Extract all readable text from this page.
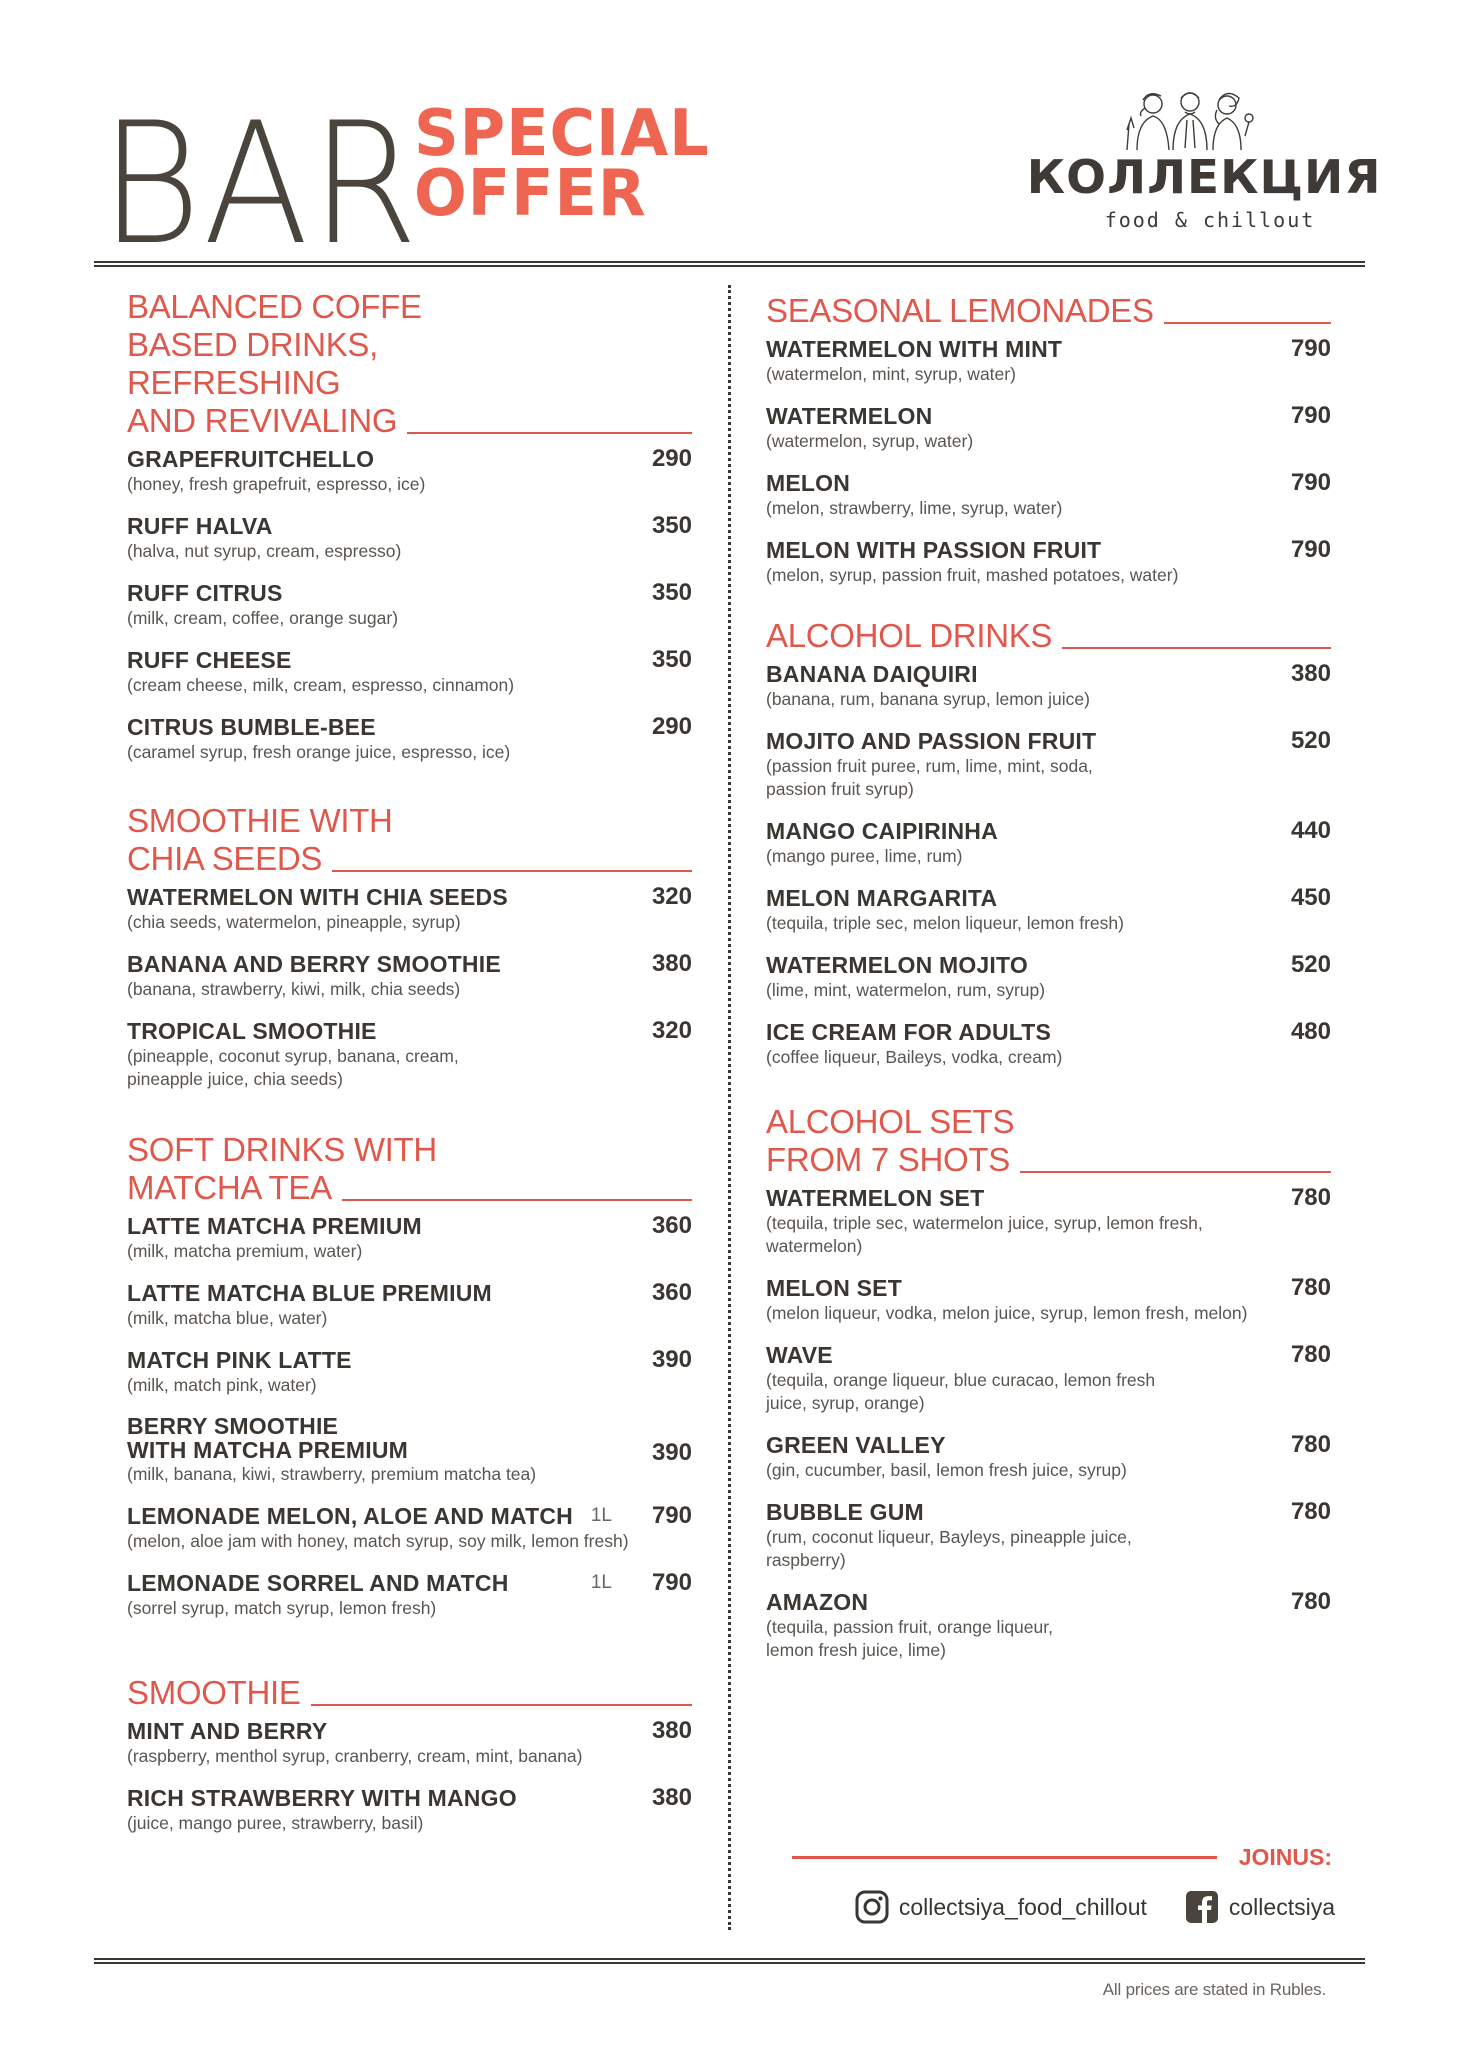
BAR
SPECIAL
OFFER	КОЛЛЕКЦИЯ
food & chillout
BALANCED COFFE
BASED DRINKS,
REFRESHING
AND REVIVALING
290
GRAPEFRUITCHELLO
(honey, fresh grapefruit, espresso, ice)
350
RUFF HALVA
(halva, nut syrup, cream, espresso)
350
RUFF CITRUS
(milk, cream, coffee, orange sugar)
350
RUFF CHEESE
(cream cheese, milk, cream, espresso, cinnamon)
290
CITRUS BUMBLE-BEE
(caramel syrup, fresh orange juice, espresso, ice)
SMOOTHIE WITH
CHIA SEEDS
320
WATERMELON WITH CHIA SEEDS
(chia seeds, watermelon, pineapple, syrup)
380
BANANA AND BERRY SMOOTHIE
(banana, strawberry, kiwi, milk, chia seeds)
320
TROPICAL SMOOTHIE
(pineapple, coconut syrup, banana, cream, pineapple juice, chia seeds)
SOFT DRINKS WITH
MATCHA TEA
360
LATTE MATCHA PREMIUM
(milk, matcha premium, water)
360
LATTE MATCHA BLUE PREMIUM
(milk, matcha blue, water)
390
MATCH PINK LATTE
(milk, match pink, water)
390
BERRY SMOOTHIE
WITH MATCHA PREMIUM
(milk, banana, kiwi, strawberry, premium matcha tea)
790
1L
LEMONADE MELON, ALOE AND MATCH
(melon, aloe jam with honey, match syrup, soy milk, lemon fresh)
790
1L
LEMONADE SORREL AND MATCH
(sorrel syrup, match syrup, lemon fresh)
SMOOTHIE
380
MINT AND BERRY
(raspberry, menthol syrup, cranberry, cream, mint, banana)
380
RICH STRAWBERRY WITH MANGO
(juice, mango puree, strawberry, basil)
SEASONAL LEMONADES
790
WATERMELON WITH MINT
(watermelon, mint, syrup, water)
790
WATERMELON
(watermelon, syrup, water)
790
MELON
(melon, strawberry, lime, syrup, water)
790
MELON WITH PASSION FRUIT
(melon, syrup, passion fruit, mashed potatoes, water)
ALCOHOL DRINKS
380
BANANA DAIQUIRI
(banana, rum, banana syrup, lemon juice)
520
MOJITO AND PASSION FRUIT
(passion fruit puree, rum, lime, mint, soda, passion fruit syrup)
440
MANGO CAIPIRINHA
(mango puree, lime, rum)
450
MELON MARGARITA
(tequila, triple sec, melon liqueur, lemon fresh)
520
WATERMELON MOJITO
(lime, mint, watermelon, rum, syrup)
480
ICE CREAM FOR ADULTS
(coffee liqueur, Baileys, vodka, cream)
ALCOHOL SETS
FROM 7 SHOTS
780
WATERMELON SET
(tequila, triple sec, watermelon juice, syrup, lemon fresh, watermelon)
780
MELON SET
(melon liqueur, vodka, melon juice, syrup, lemon fresh, melon)
780
WAVE
(tequila, orange liqueur, blue curacao, lemon fresh juice, syrup, orange)
780
GREEN VALLEY
(gin, cucumber, basil, lemon fresh juice, syrup)
780
BUBBLE GUM
(rum, coconut liqueur, Bayleys, pineapple juice, raspberry)
780
AMAZON
(tequila, passion fruit, orange liqueur, lemon fresh juice, lime)
JOINUS:
collectsiya_food_chillout	collectsiya
All prices are stated in Rubles.
